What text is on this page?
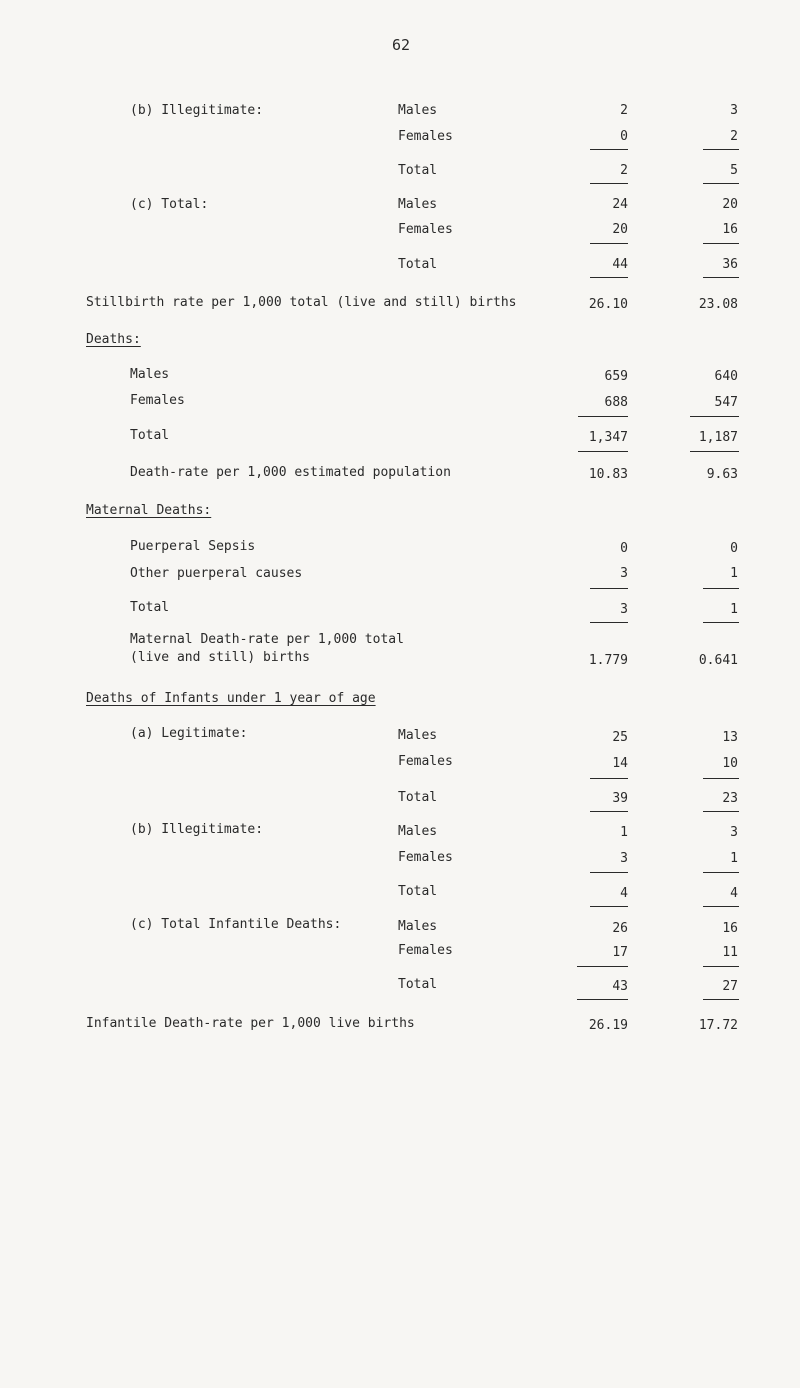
62
(b) Illegitimate:	Males	2	3
Females	0	2
Total	2	5
(c) Total:	Males	24	20
Females	20	16
Total	44	36
Stillbirth rate per 1,000 total (live and still) births	26.10	23.08
Deaths:
Males	659	640
Females	688	547
Total	1,347	1,187
Death-rate per 1,000 estimated population	10.83	9.63
Maternal Deaths:
Puerperal Sepsis	0	0
Other puerperal causes	3	1
Total	3	1
Maternal Death-rate per 1,000 total
(live and still) births	1.779	0.641
Deaths of Infants under 1 year of age
(a) Legitimate:	Males	25	13
Females	14	10
Total	39	23
(b) Illegitimate:	Males	1	3
Females	3	1
Total	4	4
(c) Total Infantile Deaths:	Males	26	16
Females	17	11
Total	43	27
Infantile Death-rate per 1,000 live births	26.19	17.72
